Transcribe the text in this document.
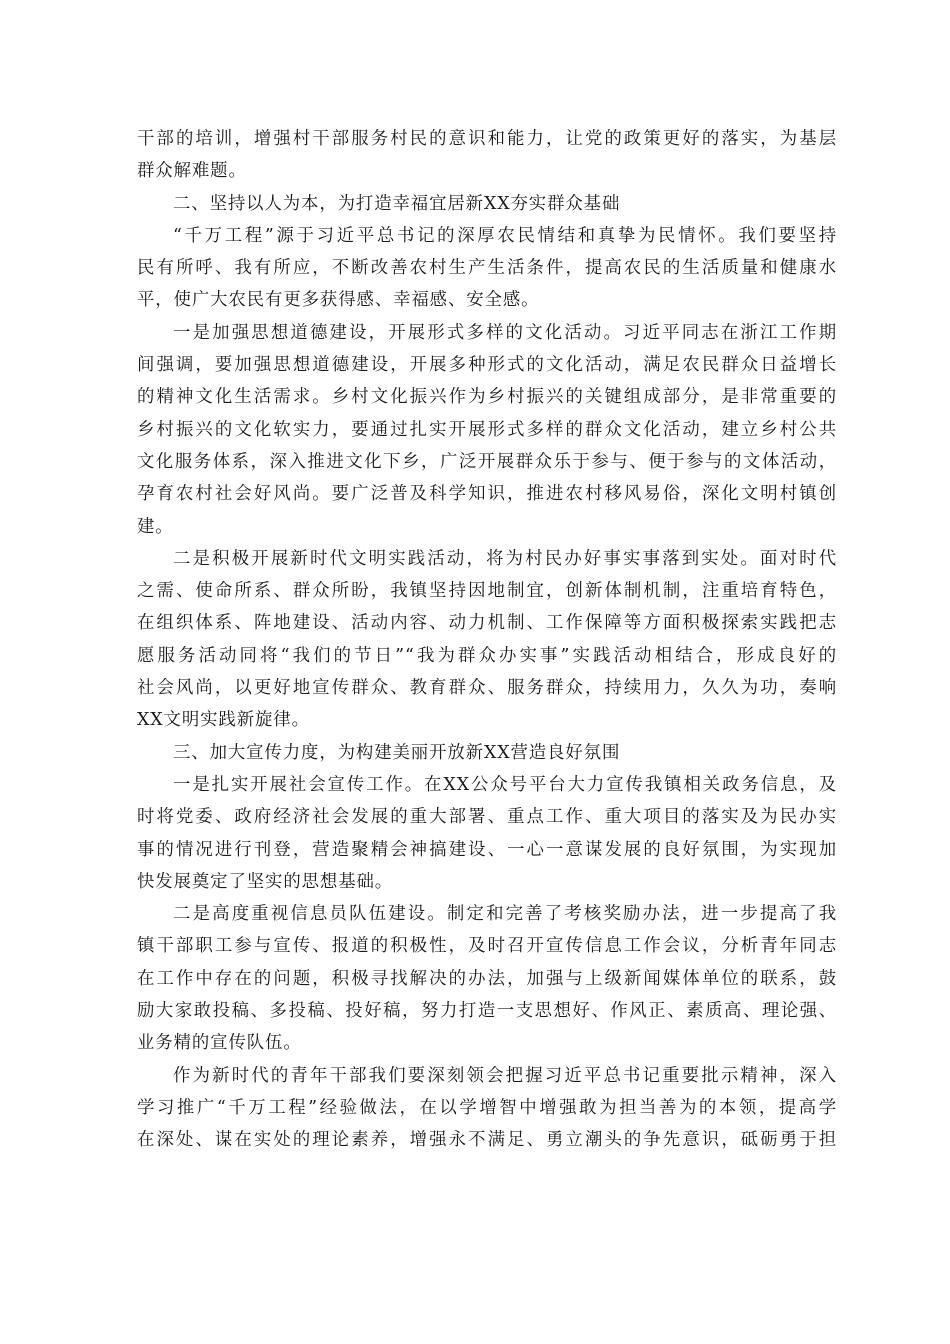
干部的培训，增强村干部服务村民的意识和能力，让党的政策更好的落实，为基层
群众解难题。
二、坚持以人为本，为打造幸福宜居新XX夯实群众基础
“千万工程”源于习近平总书记的深厚农民情结和真挚为民情怀。我们要坚持
民有所呼、我有所应，不断改善农村生产生活条件，提高农民的生活质量和健康水
平，使广大农民有更多获得感、幸福感、安全感。
一是加强思想道德建设，开展形式多样的文化活动。习近平同志在浙江工作期
间强调，要加强思想道德建设，开展多种形式的文化活动，满足农民群众日益增长
的精神文化生活需求。乡村文化振兴作为乡村振兴的关键组成部分，是非常重要的
乡村振兴的文化软实力，要通过扎实开展形式多样的群众文化活动，建立乡村公共
文化服务体系，深入推进文化下乡，广泛开展群众乐于参与、便于参与的文体活动，
孕育农村社会好风尚。要广泛普及科学知识，推进农村移风易俗，深化文明村镇创
建。
二是积极开展新时代文明实践活动，将为村民办好事实事落到实处。面对时代
之需、使命所系、群众所盼，我镇坚持因地制宜，创新体制机制，注重培育特色，
在组织体系、阵地建设、活动内容、动力机制、工作保障等方面积极探索实践把志
愿服务活动同将“我们的节日”“我为群众办实事”实践活动相结合，形成良好的
社会风尚，以更好地宣传群众、教育群众、服务群众，持续用力，久久为功，奏响
XX文明实践新旋律。
三、加大宣传力度，为构建美丽开放新XX营造良好氛围
一是扎实开展社会宣传工作。在XX公众号平台大力宣传我镇相关政务信息，及
时将党委、政府经济社会发展的重大部署、重点工作、重大项目的落实及为民办实
事的情况进行刊登，营造聚精会神搞建设、一心一意谋发展的良好氛围，为实现加
快发展奠定了坚实的思想基础。
二是高度重视信息员队伍建设。制定和完善了考核奖励办法，进一步提高了我
镇干部职工参与宣传、报道的积极性，及时召开宣传信息工作会议，分析青年同志
在工作中存在的问题，积极寻找解决的办法，加强与上级新闻媒体单位的联系，鼓
励大家敢投稿、多投稿、投好稿，努力打造一支思想好、作风正、素质高、理论强、
业务精的宣传队伍。
作为新时代的青年干部我们要深刻领会把握习近平总书记重要批示精神，深入
学习推广“千万工程”经验做法，在以学增智中增强敢为担当善为的本领，提高学
在深处、谋在实处的理论素养，增强永不满足、勇立潮头的争先意识，砥砺勇于担
